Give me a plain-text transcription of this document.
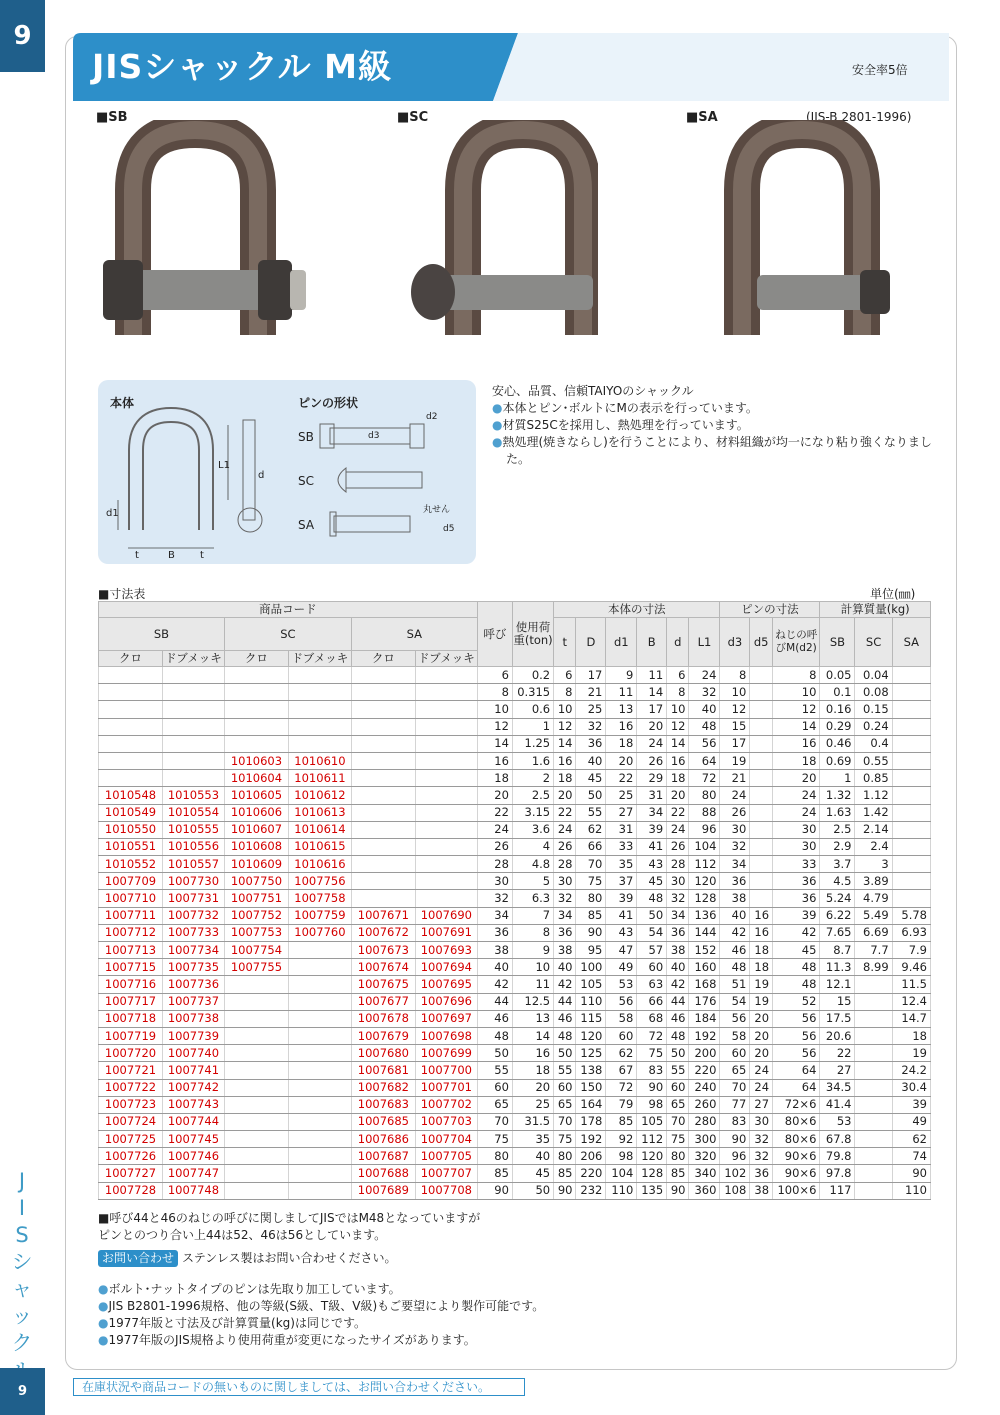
9
J
I
S
シ
ャ
ッ
ク
9
JISシャックル M級	安全率5倍
■SB	■SC	■SA	(JIS-B 2801-1996)
本体	ピンの形状
t	B	t
d1
L1
d
SB
SC
SA
丸せん
d2
d3
d5
安心、品質、信頼TAIYOのシャックル
●本体とピン･ボルトにMの表示を行っています。
●材質S25Cを採用し、熱処理を行っています。
●熱処理(焼きならし)を行うことにより、材料組織が均一になり粘り強くなりました。
■寸法表	単位(㎜)
商品コード						呼び	使用荷重(ton)	本体の寸法						ピンの寸法			計算質量(kg)		
SB		SC		SA				t	D	d1	B	d	L1	d3	d5	ねじの呼びM(d2)	SB	SC	SA
クロ	ドブメッキ	クロ	ドブメッキ	クロ	ドブメッキ														
						6	0.2	6	17	9	11	6	24	8		8	0.05	0.04	
						8	0.315	8	21	11	14	8	32	10		10	0.1	0.08	
						10	0.6	10	25	13	17	10	40	12		12	0.16	0.15	
						12	1	12	32	16	20	12	48	15		14	0.29	0.24	
						14	1.25	14	36	18	24	14	56	17		16	0.46	0.4	
		1010603	1010610			16	1.6	16	40	20	26	16	64	19		18	0.69	0.55	
		1010604	1010611			18	2	18	45	22	29	18	72	21		20	1	0.85	
1010548	1010553	1010605	1010612			20	2.5	20	50	25	31	20	80	24		24	1.32	1.12	
1010549	1010554	1010606	1010613			22	3.15	22	55	27	34	22	88	26		24	1.63	1.42	
1010550	1010555	1010607	1010614			24	3.6	24	62	31	39	24	96	30		30	2.5	2.14	
1010551	1010556	1010608	1010615			26	4	26	66	33	41	26	104	32		30	2.9	2.4	
1010552	1010557	1010609	1010616			28	4.8	28	70	35	43	28	112	34		33	3.7	3	
1007709	1007730	1007750	1007756			30	5	30	75	37	45	30	120	36		36	4.5	3.89	
1007710	1007731	1007751	1007758			32	6.3	32	80	39	48	32	128	38		36	5.24	4.79	
1007711	1007732	1007752	1007759	1007671	1007690	34	7	34	85	41	50	34	136	40	16	39	6.22	5.49	5.78
1007712	1007733	1007753	1007760	1007672	1007691	36	8	36	90	43	54	36	144	42	16	42	7.65	6.69	6.93
1007713	1007734	1007754		1007673	1007693	38	9	38	95	47	57	38	152	46	18	45	8.7	7.7	7.9
1007715	1007735	1007755		1007674	1007694	40	10	40	100	49	60	40	160	48	18	48	11.3	8.99	9.46
1007716	1007736			1007675	1007695	42	11	42	105	53	63	42	168	51	19	48	12.1		11.5
1007717	1007737			1007677	1007696	44	12.5	44	110	56	66	44	176	54	19	52	15		12.4
1007718	1007738			1007678	1007697	46	13	46	115	58	68	46	184	56	20	56	17.5		14.7
1007719	1007739			1007679	1007698	48	14	48	120	60	72	48	192	58	20	56	20.6		18
1007720	1007740			1007680	1007699	50	16	50	125	62	75	50	200	60	20	56	22		19
1007721	1007741			1007681	1007700	55	18	55	138	67	83	55	220	65	24	64	27		24.2
1007722	1007742			1007682	1007701	60	20	60	150	72	90	60	240	70	24	64	34.5		30.4
1007723	1007743			1007683	1007702	65	25	65	164	79	98	65	260	77	27	72×6	41.4		39
1007724	1007744			1007685	1007703	70	31.5	70	178	85	105	70	280	83	30	80×6	53		49
1007725	1007745			1007686	1007704	75	35	75	192	92	112	75	300	90	32	80×6	67.8		62
1007726	1007746			1007687	1007705	80	40	80	206	98	120	80	320	96	32	90×6	79.8		74
1007727	1007747			1007688	1007707	85	45	85	220	104	128	85	340	102	36	90×6	97.8		90
1007728	1007748			1007689	1007708	90	50	90	232	110	135	90	360	108	38	100×6	117		110
■呼び44と46のねじの呼びに関しましてJISではM48となっていますが
ピンとのつり合い上44は52、46は56としています。
お問い合わせ ステンレス製はお問い合わせください。
●ボルト･ナットタイプのピンは先取り加工しています。
●JIS B2801-1996規格、他の等級(S級、T級、V級)もご要望により製作可能です。
●1977年版と寸法及び計算質量(kg)は同じです。
●1977年版のJIS規格より使用荷重が変更になったサイズがあります。
在庫状況や商品コードの無いものに関しましては、お問い合わせください。
